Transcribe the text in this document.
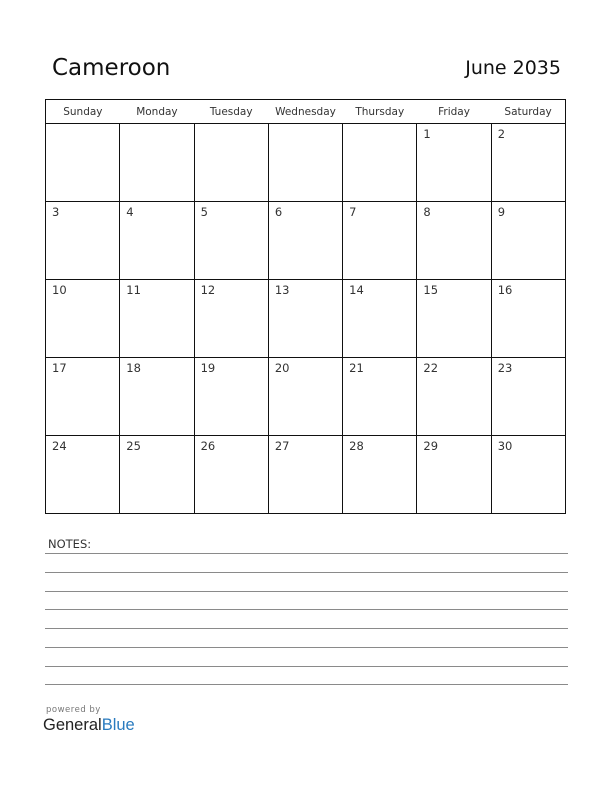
Cameroon	June 2035
Sunday	Monday	Tuesday	Wednesday	Thursday	Friday	Saturday
					1	2
3	4	5	6	7	8	9
10	11	12	13	14	15	16
17	18	19	20	21	22	23
24	25	26	27	28	29	30
NOTES:
powered by
GeneralBlue
